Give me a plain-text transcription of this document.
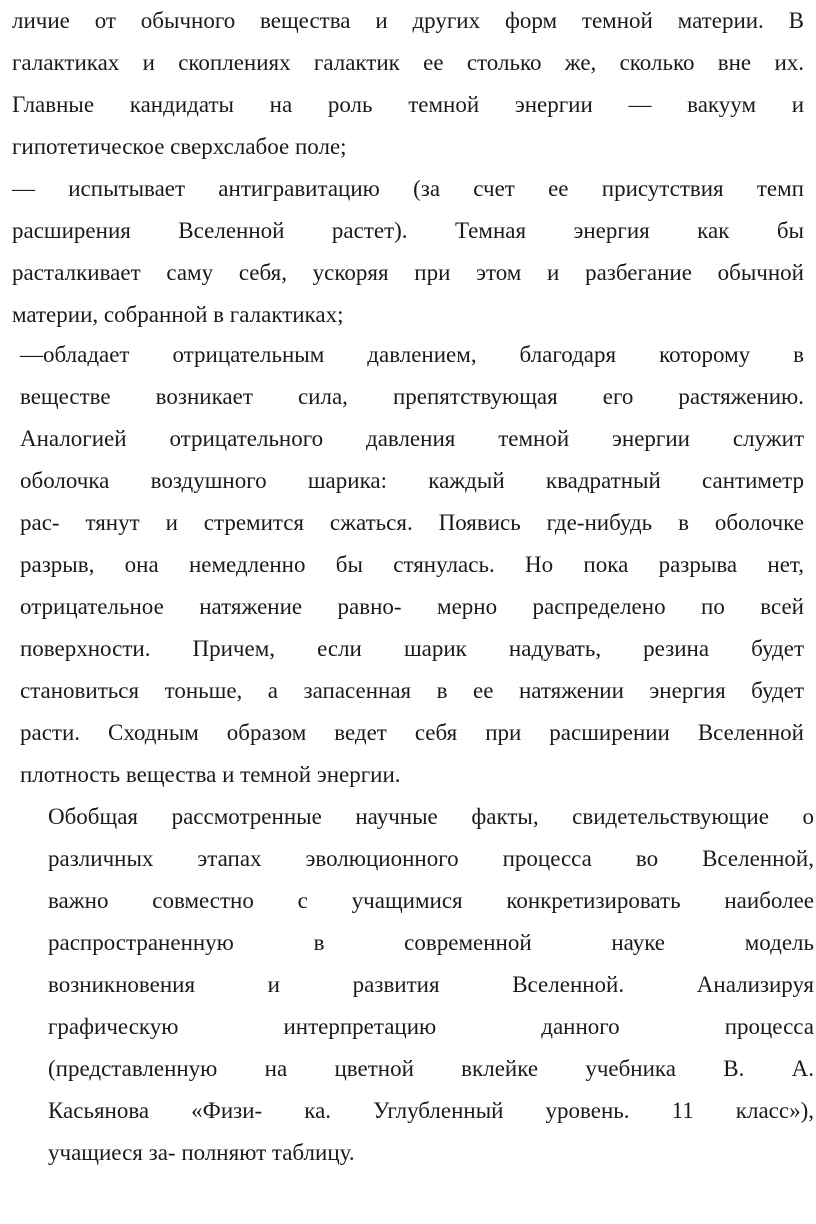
личие от обычного вещества и других форм темной материи. В
галактиках и скоплениях галактик ее столько же, сколько вне их.
Главные кандидаты на роль темной энергии — вакуум и
гипотетическое сверхслабое поле;

— испытывает антигравитацию (за счет ее присутствия темп
расширения Вселенной растет). Темная энергия как бы
расталкивает саму себя, ускоряя при этом и разбегание обычной
материи, собранной в галактиках;

—обладает отрицательным давлением, благодаря которому в
веществе возникает сила, препятствующая его растяжению.
Аналогией отрицательного давления темной энергии служит
оболочка воздушного шарика: каждый квадратный сантиметр
рас- тянут и стремится сжаться. Появись где-нибудь в оболочке
разрыв, она немедленно бы стянулась. Но пока разрыва нет,
отрицательное натяжение равно- мерно распределено по всей
поверхности. Причем, если шарик надувать, резина будет
становиться тоньше, а запасенная в ее натяжении энергия будет
расти. Сходным образом ведет себя при расширении Вселенной
плотность вещества и темной энергии.

Обобщая рассмотренные научные факты, свидетельствующие о
различных этапах эволюционного процесса во Вселенной,
важно совместно с учащимися конкретизировать наиболее
распространенную в современной науке модель
возникновения и развития Вселенной. Анализируя
графическую интерпретацию данного процесса
(представленную на цветной вклейке учебника В. А.
Касьянова «Физи- ка. Углубленный уровень. 11 класс»),
учащиеся за- полняют таблицу.
